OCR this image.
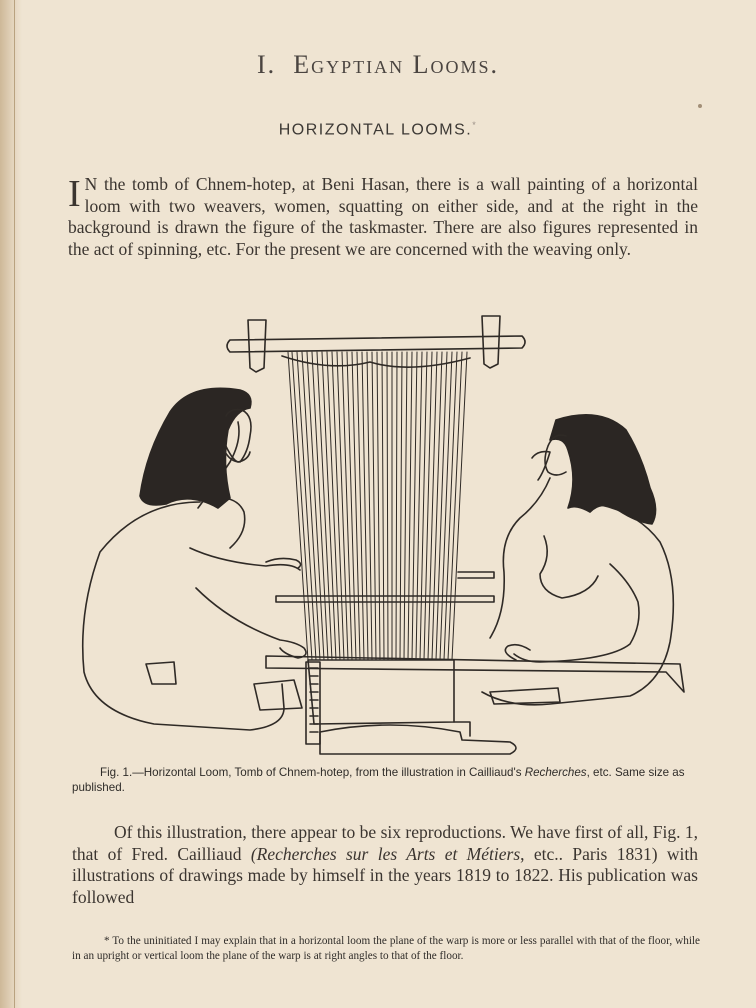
I. Egyptian Looms.
HORIZONTAL LOOMS.*
I N the tomb of Chnem-hotep, at Beni Hasan, there is a wall painting of a horizontal loom with two weavers, women, squatting on either side, and at the right in the background is drawn the figure of the taskmaster. There are also figures represented in the act of spinning, etc. For the present we are concerned with the weaving only.
Fig. 1.—Horizontal Loom, Tomb of Chnem-hotep, from the illustration in Cailliaud's Recherches, etc. Same size as published.
Of this illustration, there appear to be six reproductions. We have first of all, Fig. 1, that of Fred. Cailliaud (Recherches sur les Arts et Métiers, etc.. Paris 1831) with illustrations of drawings made by himself in the years 1819 to 1822. His publication was followed
* To the uninitiated I may explain that in a horizontal loom the plane of the warp is more or less parallel with that of the floor, while in an upright or vertical loom the plane of the warp is at right angles to that of the floor.
